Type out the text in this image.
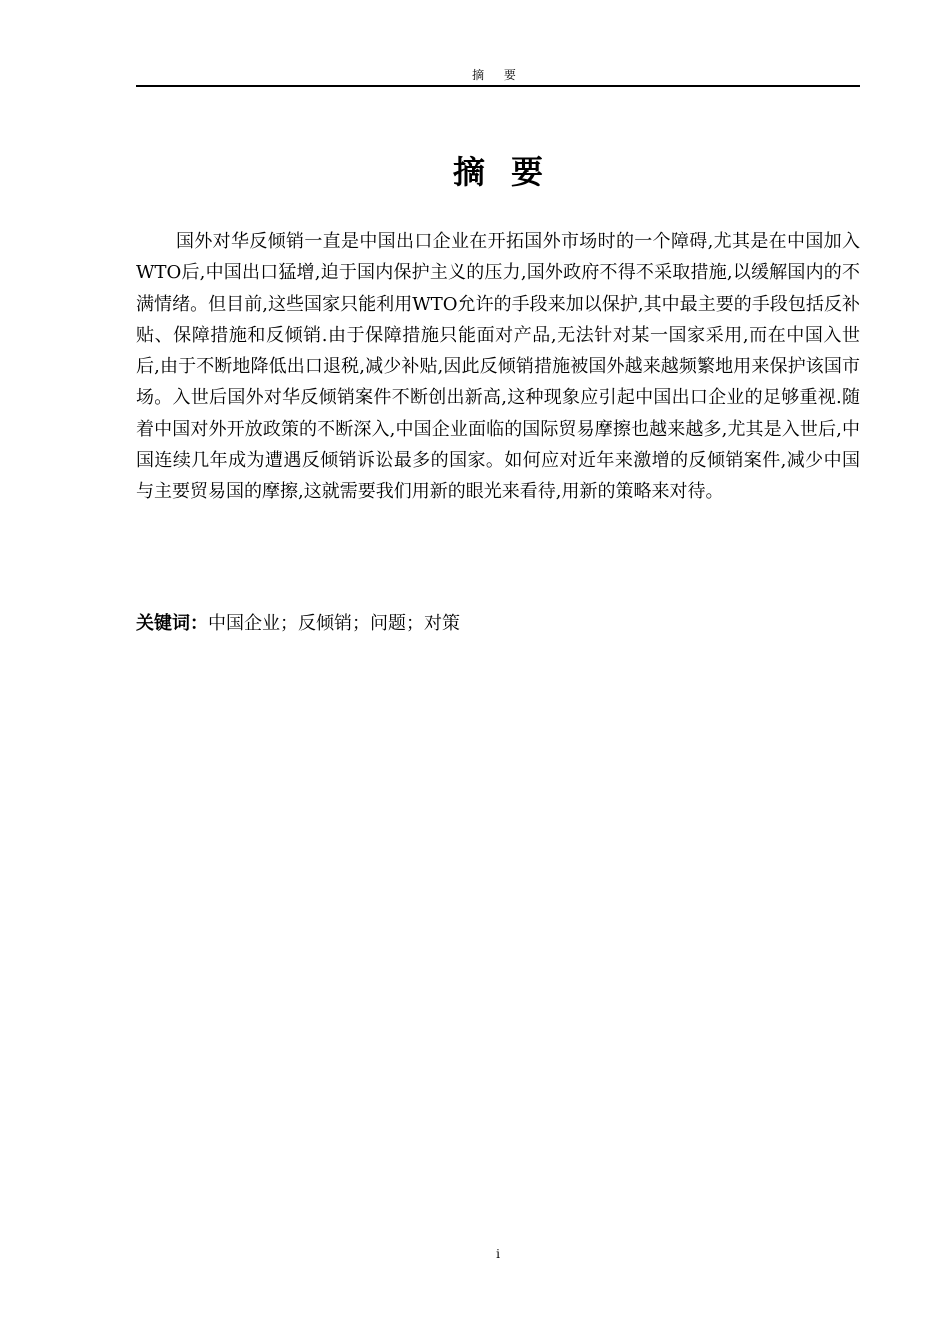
摘 要
摘要

国外对华反倾销一直是中国出口企业在开拓国外市场时的一个障碍,尤其是在中国加入WTO后,中国出口猛增,迫于国内保护主义的压力,国外政府不得不采取措施,以缓解国内的不满情绪。但目前,这些国家只能利用WTO允许的手段来加以保护,其中最主要的手段包括反补贴、保障措施和反倾销.由于保障措施只能面对产品,无法针对某一国家采用,而在中国入世后,由于不断地降低出口退税,减少补贴,因此反倾销措施被国外越来越频繁地用来保护该国市场。入世后国外对华反倾销案件不断创出新高,这种现象应引起中国出口企业的足够重视.随着中国对外开放政策的不断深入,中国企业面临的国际贸易摩擦也越来越多,尤其是入世后,中国连续几年成为遭遇反倾销诉讼最多的国家。如何应对近年来激增的反倾销案件,减少中国与主要贸易国的摩擦,这就需要我们用新的眼光来看待,用新的策略来对待。

关键词：中国企业；反倾销；问题；对策
i
